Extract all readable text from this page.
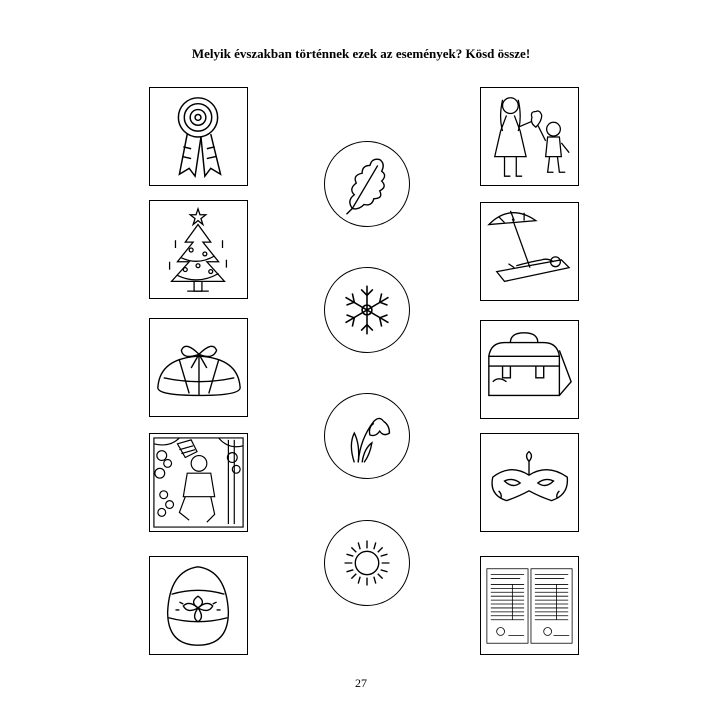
Melyik évszakban történnek ezek az események? Kösd össze!
27
